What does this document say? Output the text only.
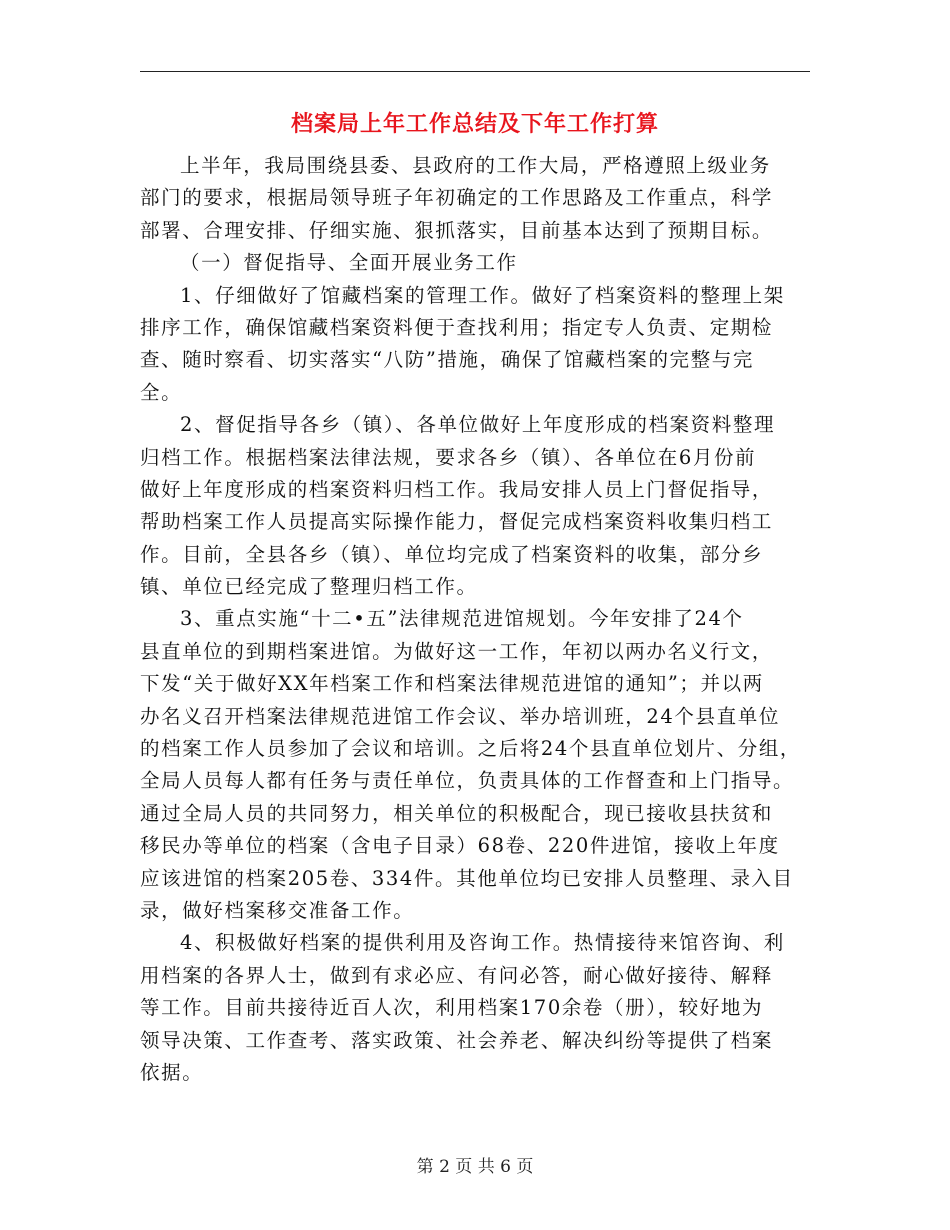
档案局上年工作总结及下年工作打算
上半年，我局围绕县委、县政府的工作大局，严格遵照上级业务
部门的要求，根据局领导班子年初确定的工作思路及工作重点，科学
部署、合理安排、仔细实施、狠抓落实，目前基本达到了预期目标。
（一）督促指导、全面开展业务工作
1、仔细做好了馆藏档案的管理工作。做好了档案资料的整理上架
排序工作，确保馆藏档案资料便于查找利用；指定专人负责、定期检
查、随时察看、切实落实“八防”措施，确保了馆藏档案的完整与完
全。
2、督促指导各乡（镇）、各单位做好上年度形成的档案资料整理
归档工作。根据档案法律法规，要求各乡（镇）、各单位在6月份前
做好上年度形成的档案资料归档工作。我局安排人员上门督促指导，
帮助档案工作人员提高实际操作能力，督促完成档案资料收集归档工
作。目前，全县各乡（镇）、单位均完成了档案资料的收集，部分乡
镇、单位已经完成了整理归档工作。
3、重点实施“十二•五”法律规范进馆规划。今年安排了24个
县直单位的到期档案进馆。为做好这一工作，年初以两办名义行文，
下发“关于做好XX年档案工作和档案法律规范进馆的通知”；并以两
办名义召开档案法律规范进馆工作会议、举办培训班，24个县直单位
的档案工作人员参加了会议和培训。之后将24个县直单位划片、分组，
全局人员每人都有任务与责任单位，负责具体的工作督查和上门指导。
通过全局人员的共同努力，相关单位的积极配合，现已接收县扶贫和
移民办等单位的档案（含电子目录）68卷、220件进馆，接收上年度
应该进馆的档案205卷、334件。其他单位均已安排人员整理、录入目
录，做好档案移交准备工作。
4、积极做好档案的提供利用及咨询工作。热情接待来馆咨询、利
用档案的各界人士，做到有求必应、有问必答，耐心做好接待、解释
等工作。目前共接待近百人次，利用档案170余卷（册），较好地为
领导决策、工作查考、落实政策、社会养老、解决纠纷等提供了档案
依据。
第 2 页 共 6 页
